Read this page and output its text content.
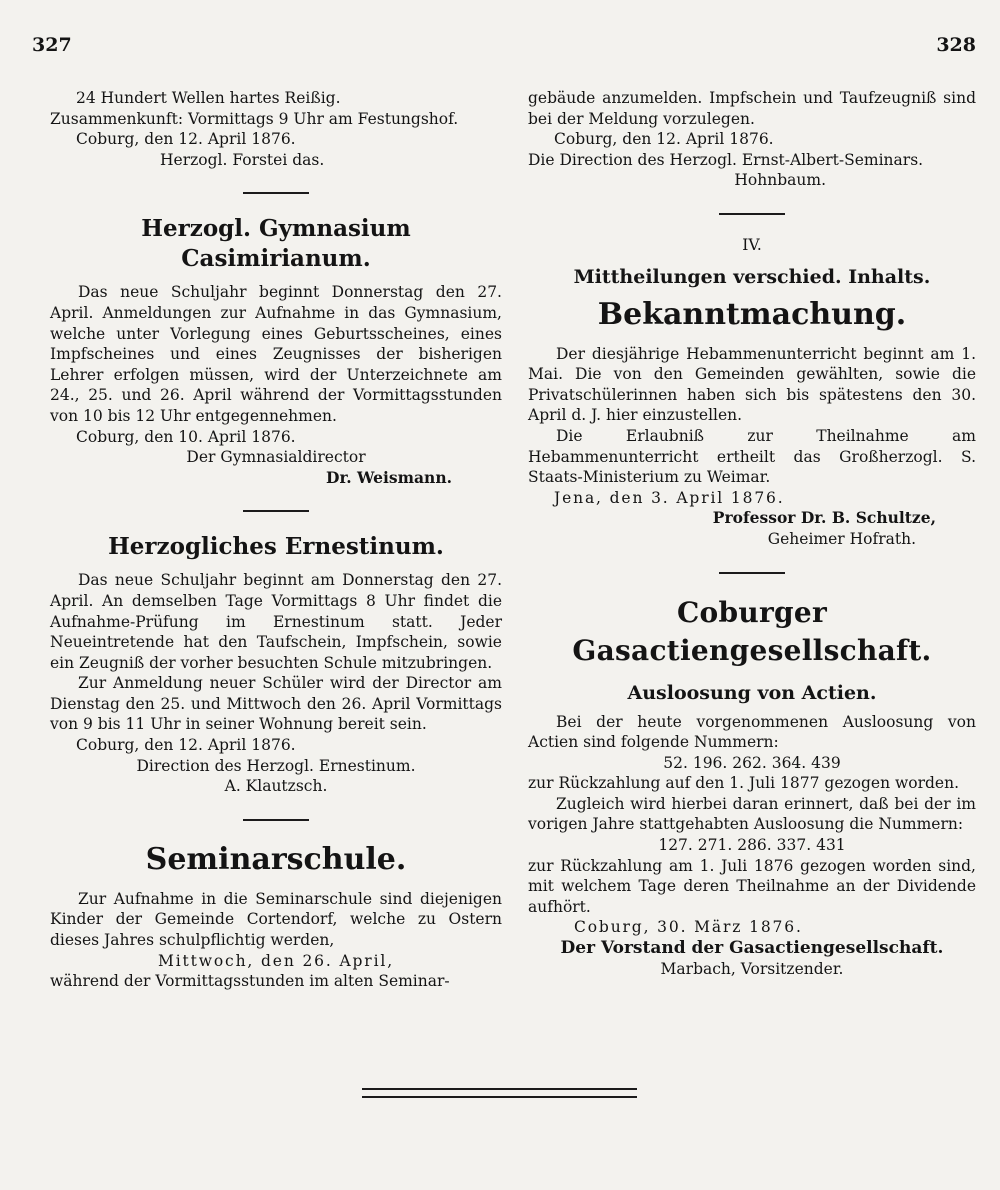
327	328
24 Hundert Wellen hartes Reißig.
Zusammenkunft: Vormittags 9 Uhr am Festungshof.
Coburg, den 12. April 1876.
Herzogl. Forstei das.
Herzogl. Gymnasium Casimirianum.

Das neue Schuljahr beginnt Donnerstag den 27. April. Anmeldungen zur Aufnahme in das Gymnasium, welche unter Vorlegung eines Geburtsscheines, eines Impfscheines und eines Zeugnisses der bisherigen Lehrer erfolgen müssen, wird der Unterzeichnete am 24., 25. und 26. April während der Vormittagsstunden von 10 bis 12 Uhr entgegennehmen.

Coburg, den 10. April 1876.
Der Gymnasialdirector
Dr. Weismann.
Herzogliches Ernestinum.

Das neue Schuljahr beginnt am Donnerstag den 27. April. An demselben Tage Vormittags 8 Uhr findet die Aufnahme-Prüfung im Ernestinum statt. Jeder Neueintretende hat den Taufschein, Impfschein, sowie ein Zeugniß der vorher besuchten Schule mitzubringen.

Zur Anmeldung neuer Schüler wird der Director am Dienstag den 25. und Mittwoch den 26. April Vormittags von 9 bis 11 Uhr in seiner Wohnung bereit sein.

Coburg, den 12. April 1876.
Direction des Herzogl. Ernestinum.
A. Klautzsch.
Seminarschule.

Zur Aufnahme in die Seminarschule sind diejenigen Kinder der Gemeinde Cortendorf, welche zu Ostern dieses Jahres schulpflichtig werden,

Mittwoch, den 26. April,
während der Vormittagsstunden im alten Seminar-

gebäude anzumelden. Impfschein und Taufzeugniß sind bei der Meldung vorzulegen.

Coburg, den 12. April 1876.
Die Direction des Herzogl. Ernst-Albert-Seminars.
Hohnbaum.
IV.
Mittheilungen verschied. Inhalts.
Bekanntmachung.

Der diesjährige Hebammenunterricht beginnt am 1. Mai. Die von den Gemeinden gewählten, sowie die Privatschülerinnen haben sich bis spätestens den 30. April d. J. hier einzustellen.

Die Erlaubniß zur Theilnahme am Hebammenunterricht ertheilt das Großherzogl. S. Staats-Ministerium zu Weimar.

Jena, den 3. April 1876.
Professor Dr. B. Schultze,
Geheimer Hofrath.
Coburger Gasactiengesellschaft.
Ausloosung von Actien.

Bei der heute vorgenommenen Ausloosung von Actien sind folgende Nummern:

52. 196. 262. 364. 439
zur Rückzahlung auf den 1. Juli 1877 gezogen worden.

Zugleich wird hierbei daran erinnert, daß bei der im vorigen Jahre stattgehabten Ausloosung die Nummern:

127. 271. 286. 337. 431

zur Rückzahlung am 1. Juli 1876 gezogen worden sind, mit welchem Tage deren Theilnahme an der Dividende aufhört.

Coburg, 30. März 1876.
Der Vorstand der Gasactiengesellschaft.
Marbach, Vorsitzender.
